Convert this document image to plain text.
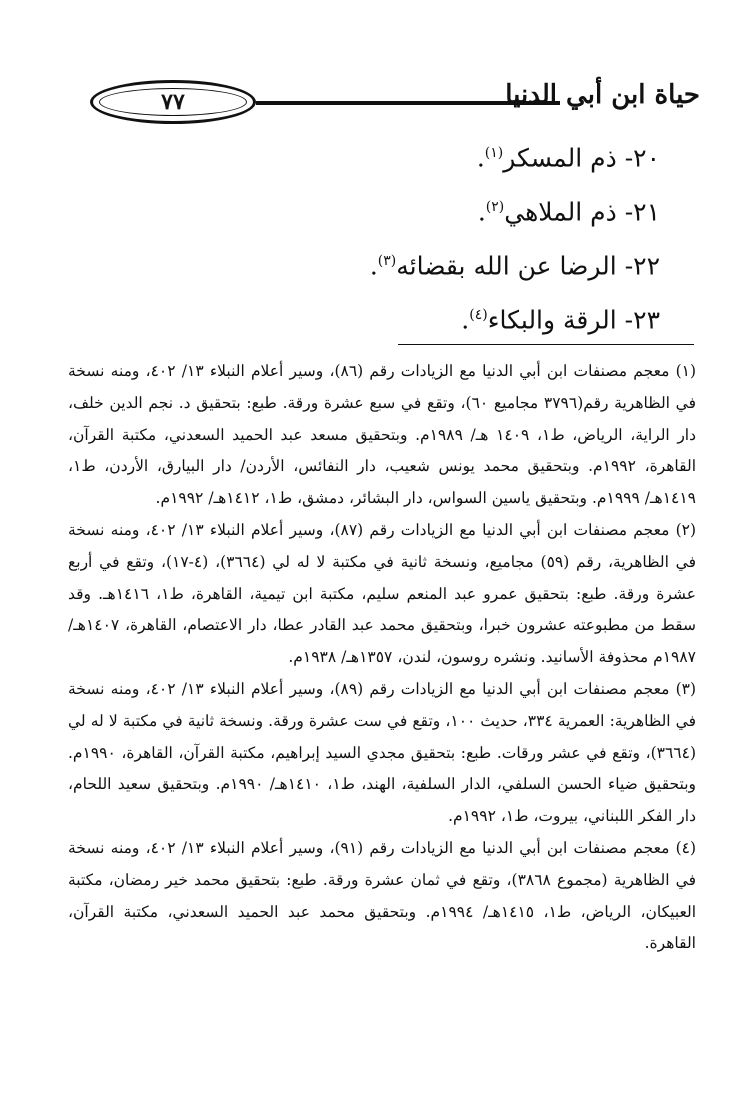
٧٧	حياة ابن أبي الدنيا
٢٠- ذم المسكر$^{(١)}$.
٢١- ذم الملاهي$^{(٢)}$.
٢٢- الرضا عن الله بقضائه$^{(٣)}$.
٢٣- الرقة والبكاء$^{(٤)}$.

(١) معجم مصنفات ابن أبي الدنيا مع الزيادات رقم (٨٦)، وسير أعلام النبلاء ١٣/ ٤٠٢، ومنه نسخة في الظاهرية رقم(٣٧٩٦ مجاميع ٦٠)، وتقع في سبع عشرة ورقة. طبع: بتحقيق د. نجم الدين خلف، دار الراية، الرياض، ط١، ١٤٠٩ هـ/ ١٩٨٩م. وبتحقيق مسعد عبد الحميد السعدني، مكتبة القرآن، القاهرة، ١٩٩٢م. وبتحقيق محمد يونس شعيب، دار النفائس، الأردن/ دار البيارق، الأردن، ط١، ١٤١٩هـ/ ١٩٩٩م. وبتحقيق ياسين السواس، دار البشائر، دمشق، ط١، ١٤١٢هـ/ ١٩٩٢م.

(٢) معجم مصنفات ابن أبي الدنيا مع الزيادات رقم (٨٧)، وسير أعلام النبلاء ١٣/ ٤٠٢، ومنه نسخة في الظاهرية، رقم (٥٩) مجاميع، ونسخة ثانية في مكتبة لا له لي (٣٦٦٤)، (٤-١٧)، وتقع في أربع عشرة ورقة. طبع: بتحقيق عمرو عبد المنعم سليم، مكتبة ابن تيمية، القاهرة، ط١، ١٤١٦هـ. وقد سقط من مطبوعته عشرون خبرا، وبتحقيق محمد عبد القادر عطا، دار الاعتصام، القاهرة، ١٤٠٧هـ/ ١٩٨٧م محذوفة الأسانيد. ونشره روسون، لندن، ١٣٥٧هـ/ ١٩٣٨م.

(٣) معجم مصنفات ابن أبي الدنيا مع الزيادات رقم (٨٩)، وسير أعلام النبلاء ١٣/ ٤٠٢، ومنه نسخة في الظاهرية: العمرية ٣٣٤، حديث ١٠٠، وتقع في ست عشرة ورقة. ونسخة ثانية في مكتبة لا له لي (٣٦٦٤)، وتقع في عشر ورقات. طبع: بتحقيق مجدي السيد إبراهيم، مكتبة القرآن، القاهرة، ١٩٩٠م. وبتحقيق ضياء الحسن السلفي، الدار السلفية، الهند، ط١، ١٤١٠هـ/ ١٩٩٠م. وبتحقيق سعيد اللحام، دار الفكر اللبناني، بيروت، ط١، ١٩٩٢م.

(٤) معجم مصنفات ابن أبي الدنيا مع الزيادات رقم (٩١)، وسير أعلام النبلاء ١٣/ ٤٠٢، ومنه نسخة في الظاهرية (مجموع ٣٨٦٨)، وتقع في ثمان عشرة ورقة. طبع: بتحقيق محمد خير رمضان، مكتبة العبيكان، الرياض، ط١، ١٤١٥هـ/ ١٩٩٤م. وبتحقيق محمد عبد الحميد السعدني، مكتبة القرآن، القاهرة.
